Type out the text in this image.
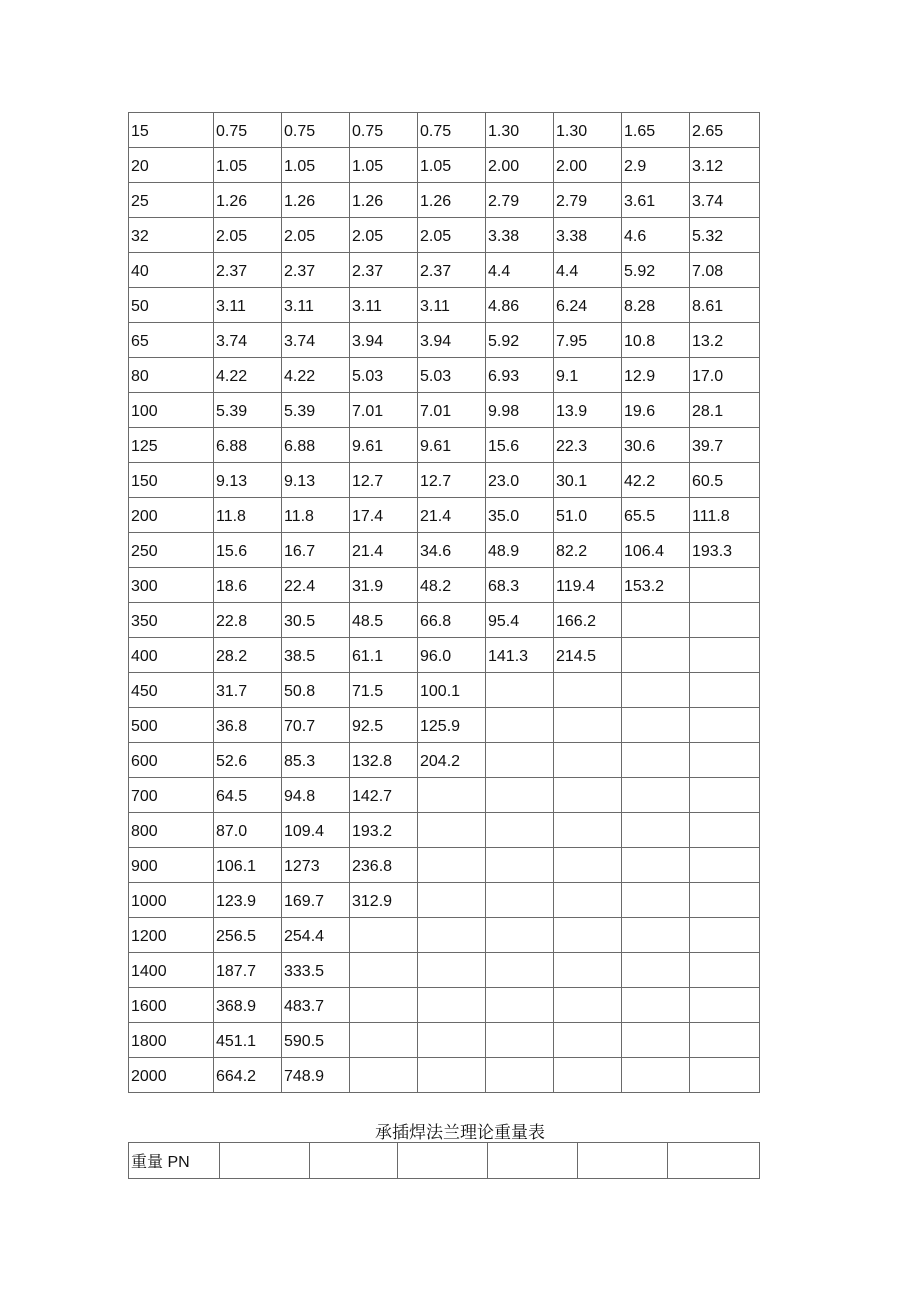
15	0.75	0.75	0.75	0.75	1.30	1.30	1.65	2.65

20	1.05	1.05	1.05	1.05	2.00	2.00	2.9	3.12

25	1.26	1.26	1.26	1.26	2.79	2.79	3.61	3.74

32	2.05	2.05	2.05	2.05	3.38	3.38	4.6	5.32

40	2.37	2.37	2.37	2.37	4.4	4.4	5.92	7.08

50	3.11	3.11	3.11	3.11	4.86	6.24	8.28	8.61

65	3.74	3.74	3.94	3.94	5.92	7.95	10.8	13.2

80	4.22	4.22	5.03	5.03	6.93	9.1	12.9	17.0

100	5.39	5.39	7.01	7.01	9.98	13.9	19.6	28.1

125	6.88	6.88	9.61	9.61	15.6	22.3	30.6	39.7

150	9.13	9.13	12.7	12.7	23.0	30.1	42.2	60.5

200	11.8	11.8	17.4	21.4	35.0	51.0	65.5	111.8

250	15.6	16.7	21.4	34.6	48.9	82.2	106.4	193.3

300	18.6	22.4	31.9	48.2	68.3	119.4	153.2	

350	22.8	30.5	48.5	66.8	95.4	166.2		

400	28.2	38.5	61.1	96.0	141.3	214.5		

450	31.7	50.8	71.5	100.1				

500	36.8	70.7	92.5	125.9				

600	52.6	85.3	132.8	204.2				

700	64.5	94.8	142.7					

800	87.0	109.4	193.2					

900	106.1	1273	236.8					

1000	123.9	169.7	312.9					

1200	256.5	254.4						

1400	187.7	333.5						

1600	368.9	483.7						

1800	451.1	590.5						

2000	664.2	748.9						

承插焊法兰理论重量表
重量 PN
